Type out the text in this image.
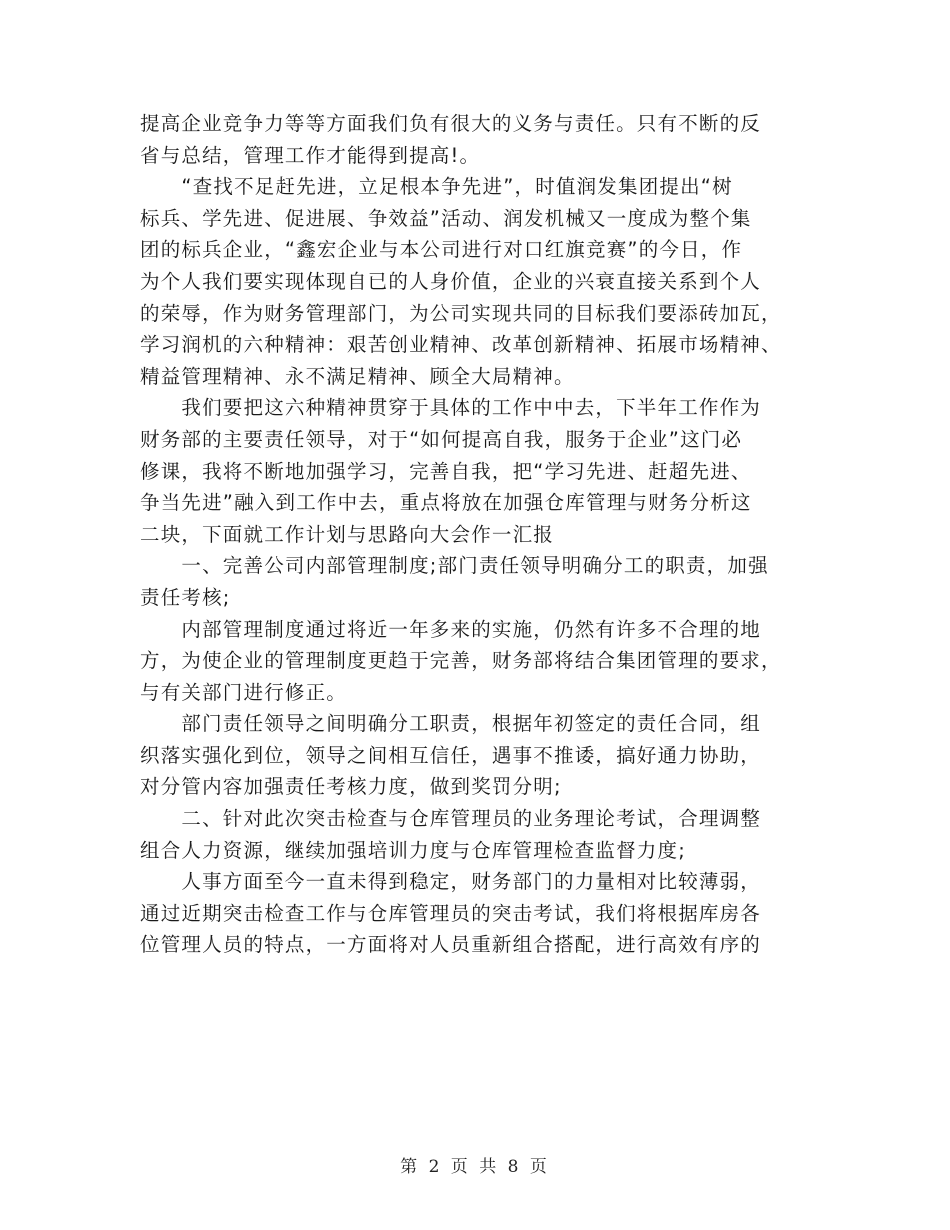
提高企业竞争力等等方面我们负有很大的义务与责任。只有不断的反
省与总结，管理工作才能得到提高!。

　　“查找不足赶先进，立足根本争先进”，时值润发集团提出“树
标兵、学先进、促进展、争效益”活动、润发机械又一度成为整个集
团的标兵企业，“鑫宏企业与本公司进行对口红旗竞赛”的今日，作
为个人我们要实现体现自已的人身价值，企业的兴衰直接关系到个人
的荣辱，作为财务管理部门，为公司实现共同的目标我们要添砖加瓦，
学习润机的六种精神：艰苦创业精神、改革创新精神、拓展市场精神、
精益管理精神、永不满足精神、顾全大局精神。

　　我们要把这六种精神贯穿于具体的工作中中去，下半年工作作为
财务部的主要责任领导，对于“如何提高自我，服务于企业”这门必
修课，我将不断地加强学习，完善自我，把“学习先进、赶超先进、
争当先进”融入到工作中去，重点将放在加强仓库管理与财务分析这
二块，下面就工作计划与思路向大会作一汇报

　　一、完善公司内部管理制度;部门责任领导明确分工的职责，加强
责任考核;

　　内部管理制度通过将近一年多来的实施，仍然有许多不合理的地
方，为使企业的管理制度更趋于完善，财务部将结合集团管理的要求，
与有关部门进行修正。

　　部门责任领导之间明确分工职责，根据年初签定的责任合同，组
织落实强化到位，领导之间相互信任，遇事不推诿，搞好通力协助，
对分管内容加强责任考核力度，做到奖罚分明;

　　二、针对此次突击检查与仓库管理员的业务理论考试，合理调整
组合人力资源，继续加强培训力度与仓库管理检查监督力度;

　　人事方面至今一直未得到稳定，财务部门的力量相对比较薄弱，
通过近期突击检查工作与仓库管理员的突击考试，我们将根据库房各
位管理人员的特点，一方面将对人员重新组合搭配，进行高效有序的

第 2 页 共 8 页
